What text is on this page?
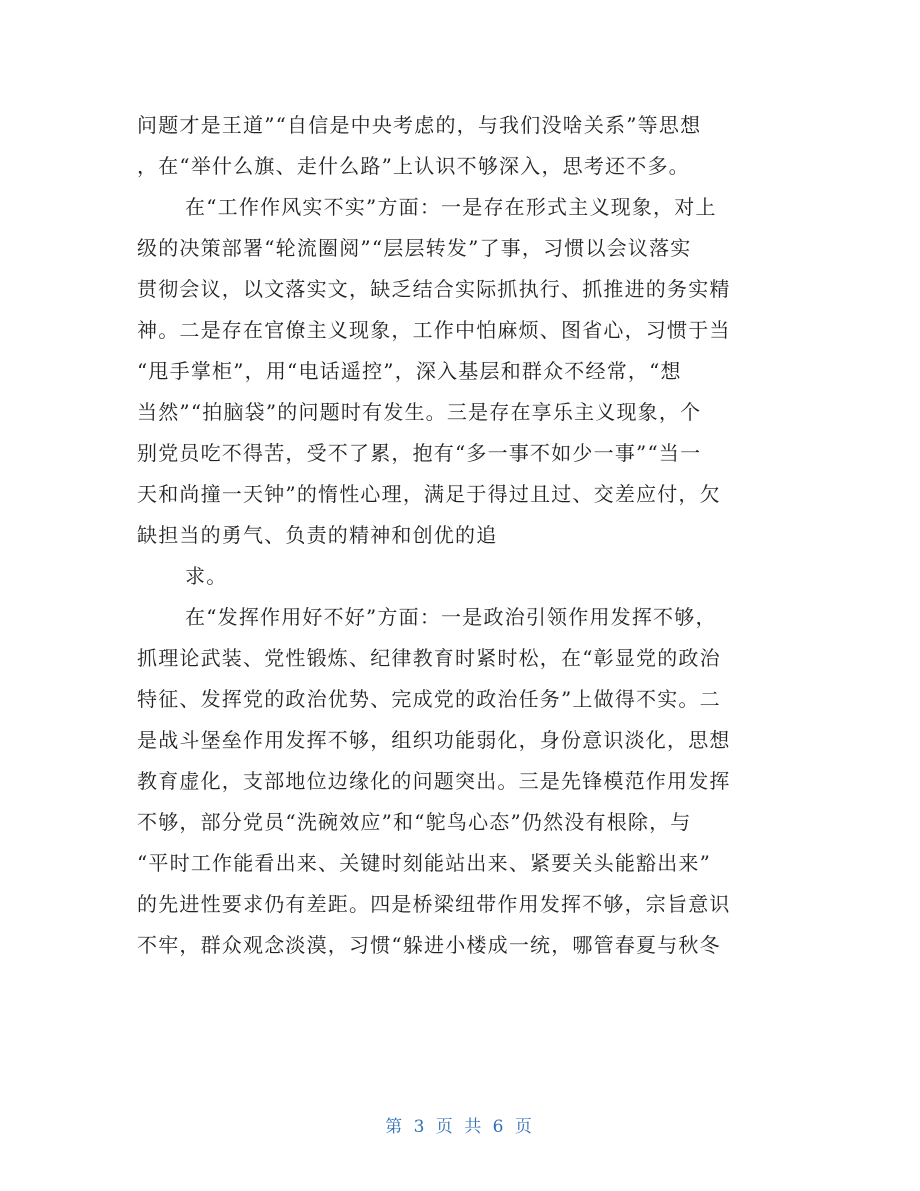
问题才是王道”“自信是中央考虑的，与我们没啥关系”等思想
，在“举什么旗、走什么路”上认识不够深入，思考还不多。
在“工作作风实不实”方面：一是存在形式主义现象，对上
级的决策部署“轮流圈阅”“层层转发”了事，习惯以会议落实
贯彻会议，以文落实文，缺乏结合实际抓执行、抓推进的务实精
神。二是存在官僚主义现象，工作中怕麻烦、图省心，习惯于当
“甩手掌柜”，用“电话遥控”，深入基层和群众不经常，“想
当然”“拍脑袋”的问题时有发生。三是存在享乐主义现象，个
别党员吃不得苦，受不了累，抱有“多一事不如少一事”“当一
天和尚撞一天钟”的惰性心理，满足于得过且过、交差应付，欠
缺担当的勇气、负责的精神和创优的追
求。
在“发挥作用好不好”方面：一是政治引领作用发挥不够，
抓理论武装、党性锻炼、纪律教育时紧时松，在“彰显党的政治
特征、发挥党的政治优势、完成党的政治任务”上做得不实。二
是战斗堡垒作用发挥不够，组织功能弱化，身份意识淡化，思想
教育虚化，支部地位边缘化的问题突出。三是先锋模范作用发挥
不够，部分党员“洗碗效应”和“鸵鸟心态”仍然没有根除，与
“平时工作能看出来、关键时刻能站出来、紧要关头能豁出来”
的先进性要求仍有差距。四是桥梁纽带作用发挥不够，宗旨意识
不牢，群众观念淡漠，习惯“躲进小楼成一统，哪管春夏与秋冬
第 3 页 共 6 页
